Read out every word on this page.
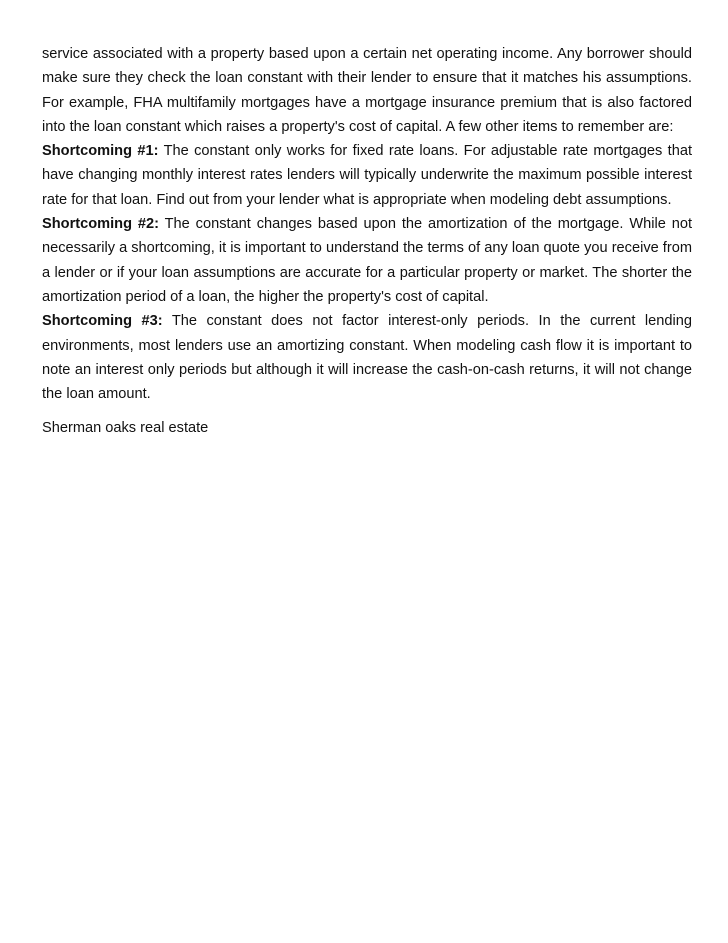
service associated with a property based upon a certain net operating income. Any borrower should make sure they check the loan constant with their lender to ensure that it matches his assumptions. For example, FHA multifamily mortgages have a mortgage insurance premium that is also factored into the loan constant which raises a property's cost of capital. A few other items to remember are:

Shortcoming #1: The constant only works for fixed rate loans. For adjustable rate mortgages that have changing monthly interest rates lenders will typically underwrite the maximum possible interest rate for that loan. Find out from your lender what is appropriate when modeling debt assumptions.

Shortcoming #2: The constant changes based upon the amortization of the mortgage. While not necessarily a shortcoming, it is important to understand the terms of any loan quote you receive from a lender or if your loan assumptions are accurate for a particular property or market. The shorter the amortization period of a loan, the higher the property's cost of capital.

Shortcoming #3: The constant does not factor interest-only periods. In the current lending environments, most lenders use an amortizing constant. When modeling cash flow it is important to note an interest only periods but although it will increase the cash-on-cash returns, it will not change the loan amount.

Sherman oaks real estate
